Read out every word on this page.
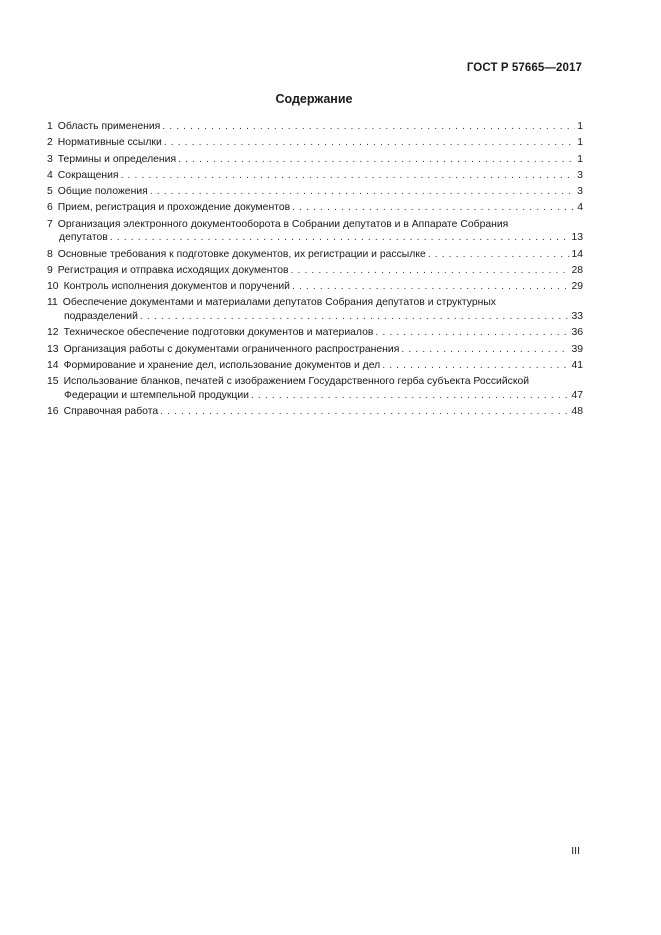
ГОСТ Р 57665—2017
Содержание
1 Область применения . . .	1
2 Нормативные ссылки . . .	1
3 Термины и определения . . .	1
4 Сокращения . . .	3
5 Общие положения . . .	3
6 Прием, регистрация и прохождение документов . . .	4
7 Организация электронного документооборота в Собрании депутатов и в Аппарате Собрания
депутатов . . .	13
8 Основные требования к подготовке документов, их регистрации и рассылке . . .	14
9 Регистрация и отправка исходящих документов . . .	28
10 Контроль исполнения документов и поручений . . .	29
11 Обеспечение документами и материалами депутатов Собрания депутатов и структурных
подразделений . . .	33
12 Техническое обеспечение подготовки документов и материалов . . .	36
13 Организация работы с документами ограниченного распространения . . .	39
14 Формирование и хранение дел, использование документов и дел . . .	41
15 Использование бланков, печатей с изображением Государственного герба субъекта Российской
Федерации и штемпельной продукции . . .	47
16 Справочная работа . . .	48
III
